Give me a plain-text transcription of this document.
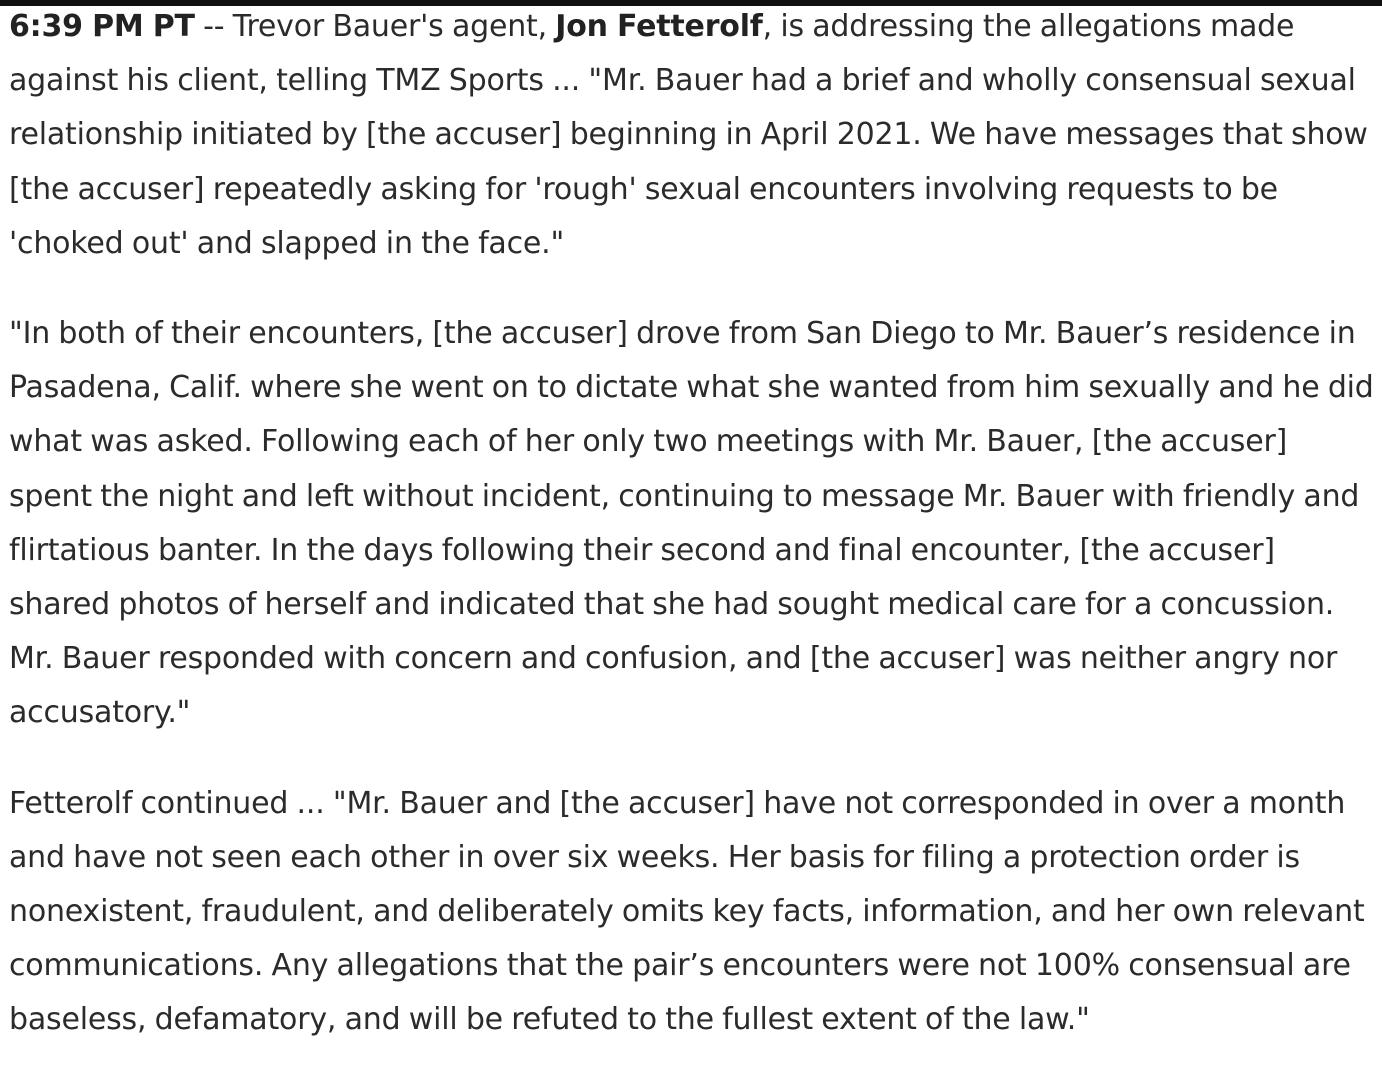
6:39 PM PT -- Trevor Bauer's agent, Jon Fetterolf, is addressing the allegations made against his client, telling TMZ Sports ... "Mr. Bauer had a brief and wholly consensual sexual relationship initiated by [the accuser] beginning in April 2021. We have messages that show [the accuser] repeatedly asking for 'rough' sexual encounters involving requests to be 'choked out' and slapped in the face."

"In both of their encounters, [the accuser] drove from San Diego to Mr. Bauer’s residence in Pasadena, Calif. where she went on to dictate what she wanted from him sexually and he did what was asked. Following each of her only two meetings with Mr. Bauer, [the accuser] spent the night and left without incident, continuing to message Mr. Bauer with friendly and flirtatious banter. In the days following their second and final encounter, [the accuser] shared photos of herself and indicated that she had sought medical care for a concussion. Mr. Bauer responded with concern and confusion, and [the accuser] was neither angry nor accusatory."

Fetterolf continued ... "Mr. Bauer and [the accuser] have not corresponded in over a month and have not seen each other in over six weeks. Her basis for filing a protection order is nonexistent, fraudulent, and deliberately omits key facts, information, and her own relevant communications. Any allegations that the pair’s encounters were not 100% consensual are baseless, defamatory, and will be refuted to the fullest extent of the law."
